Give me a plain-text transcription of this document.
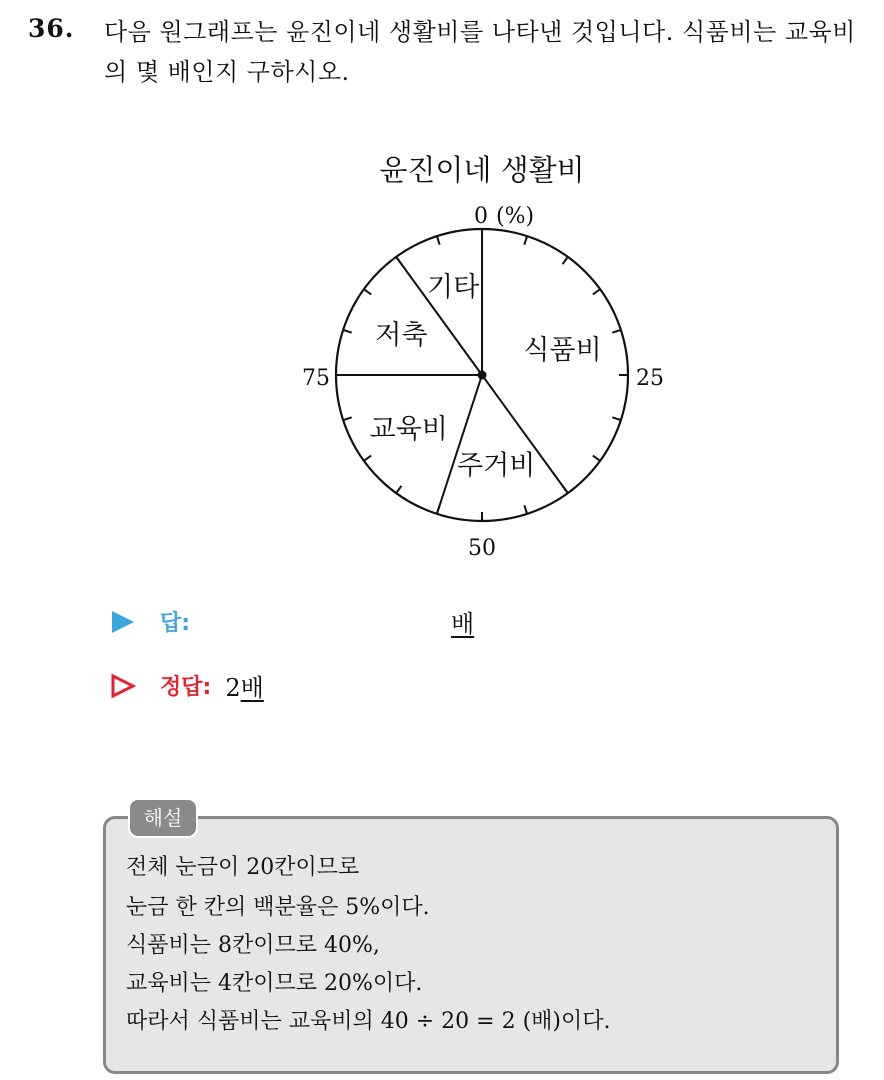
36. 다음 원그래프는 윤진이네 생활비를 나타낸 것입니다. 식품비는 교육비의 몇 배인지 구하시오.
윤진이네 생활비
식품비
주거비
교육비
저축
기타
0 (%)
25
50
75
답:	배
정답: 2배
해설
전체 눈금이 20칸이므로
눈금 한 칸의 백분율은 5%이다.
식품비는 8칸이므로 40%,
교육비는 4칸이므로 20%이다.
따라서 식품비는 교육비의 40 ÷ 20 = 2 (배)이다.
